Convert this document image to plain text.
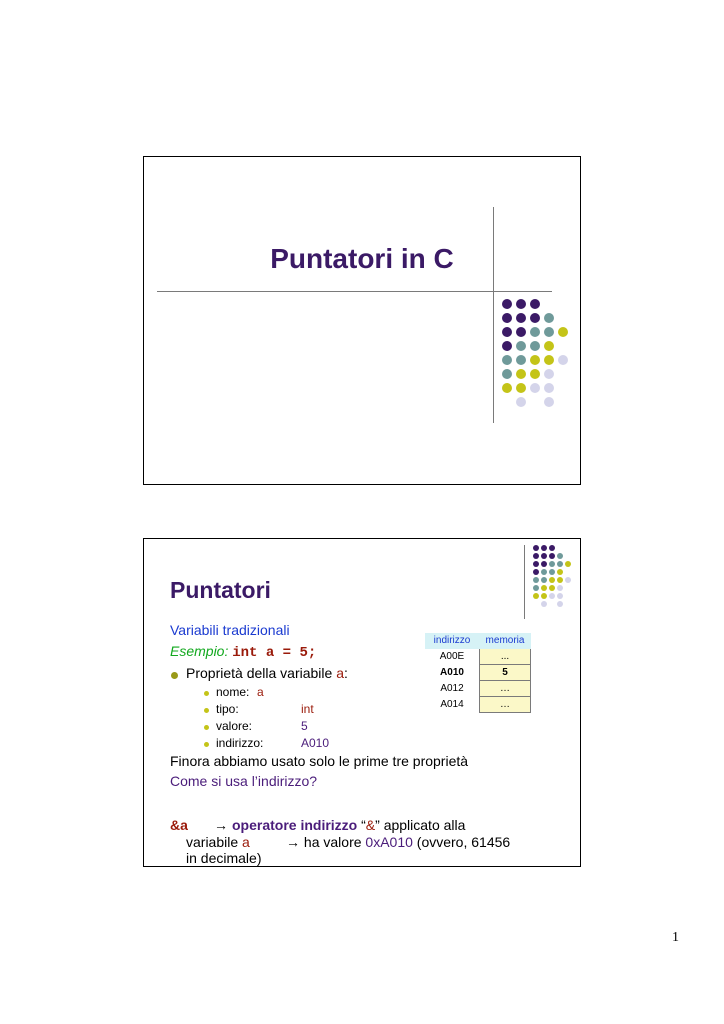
Puntatori in C
Puntatori
Variabili tradizionali
Esempio: int a = 5;
Proprietà della variabile a:
nome: a
tipo:	int
valore:	5
indirizzo:	A010
Finora abbiamo usato solo le prime tre proprietà
Come si usa l’indirizzo?
&a → operatore indirizzo “&” applicato alla
variabile a	→ ha valore 0xA010 (ovvero, 61456
in decimale)
indirizzo	memoria
A00E	...
A010	5
A012	…
A014	…
1
